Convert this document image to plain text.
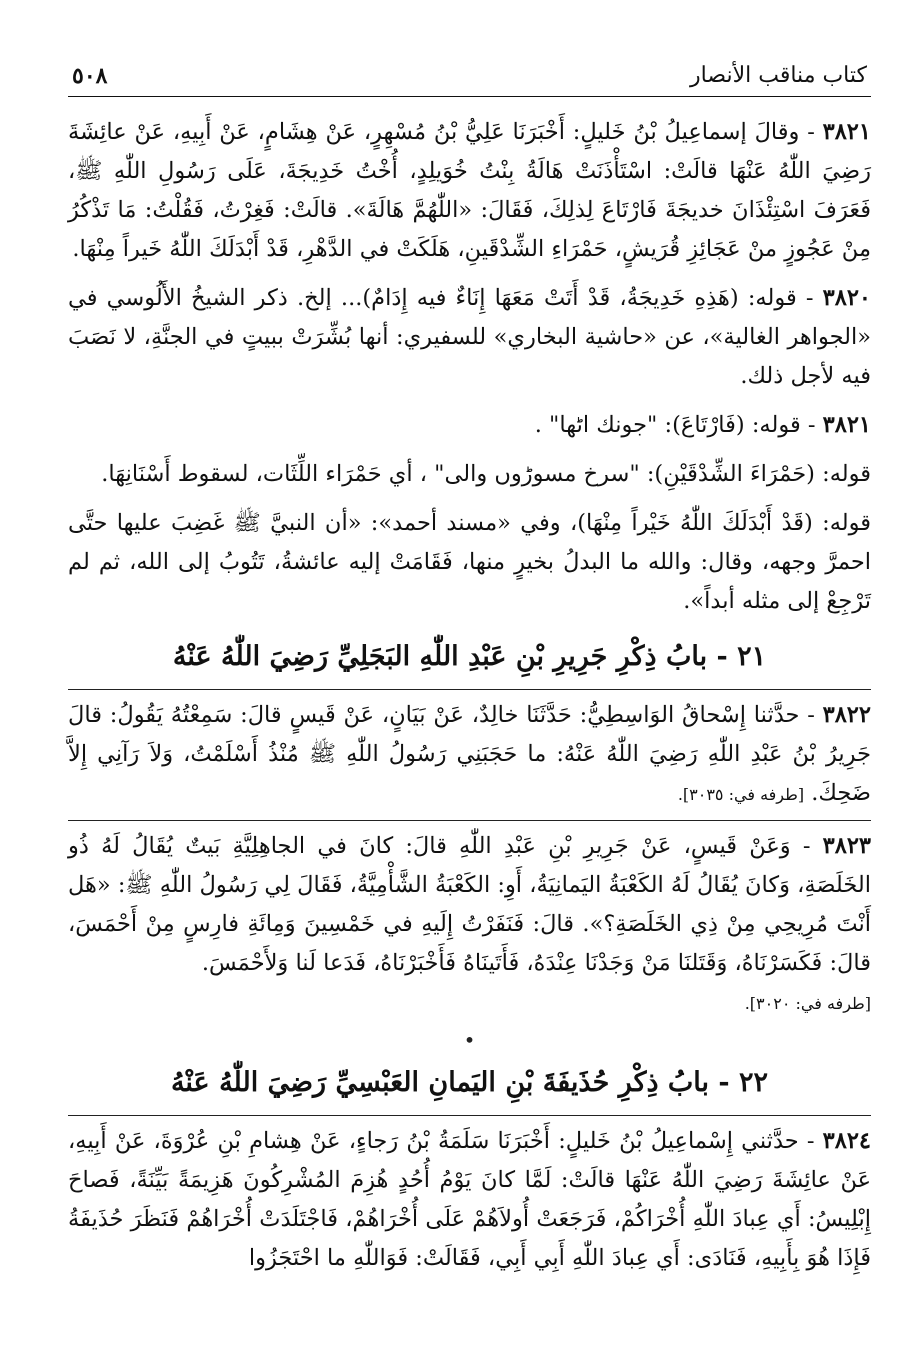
كتاب مناقب الأنصار
٥٠٨

٣٨٢١ - وقالَ إسماعِيلُ بْنُ خَليلٍ: أَخْبَرَنَا عَلِيُّ بْنُ مُسْهِرٍ، عَنْ هِشَامٍ، عَنْ أَبِيهِ، عَنْ عائِشَةَ رَضِيَ اللّٰهُ عَنْهَا قالَتْ: اسْتَأْذَنَتْ هَالَةُ بِنْتُ خُوَيلِدٍ، أُخْتُ خَدِيجَةَ، عَلَى رَسُولِ اللّٰهِ ﷺ، فَعَرَفَ اسْتِئْذَانَ خديجَةَ فَارْتَاعَ لِذلِكَ، فَقَالَ: «اللّٰهُمَّ هَالَةَ». قالَتْ: فَغِرْتُ، فَقُلْتُ: مَا تَذْكُرُ مِنْ عَجُوزٍ منْ عَجَائِزِ قُرَيشٍ، حَمْرَاءِ الشِّدْقَينِ، هَلَكَتْ في الدَّهْرِ، قَدْ أَبْدَلَكَ اللّٰهُ خَيراً مِنْهَا.

٣٨٢٠ - قوله: (هَذِهِ خَدِيجَةُ، قَدْ أَتَتْ مَعَهَا إِنَاءٌ فيه إِدَامٌ)... إلخ. ذكر الشيخُ الأَلُوسي في «الجواهر الغالية»، عن «حاشية البخاري» للسفيري: أنها بُشِّرَتْ ببيتٍ في الجنَّةِ، لا نَصَبَ فيه لأجل ذلك.

٣٨٢١ - قوله: (فَارْتَاعَ): "جونك اٹھا" .

قوله: (حَمْرَاءَ الشِّدْقَيْنِ): "سرخ مسوڑوں والی" ، أي حَمْرَاء اللِّثَات، لسقوط أَسْنَانِهَا.

قوله: (قَدْ أَبْدَلَكَ اللّٰهُ خَيْراً مِنْهَا)، وفي «مسند أحمد»: «أن النبيَّ ﷺ غَضِبَ عليها حتَّى احمرَّ وجهه، وقال: والله ما البدلُ بخيرٍ منها، فَقَامَتْ إليه عائشةُ، تَتُوبُ إلى الله، ثم لم تَرْجِعْ إلى مثله أبداً».

٢١ - بابُ ذِكْرِ جَرِيرِ بْنِ عَبْدِ اللّٰهِ البَجَلِيِّ رَضِيَ اللّٰهُ عَنْهُ

٣٨٢٢ - حدَّثنا إِسْحاقُ الوَاسِطِيُّ: حَدَّثَنَا خالِدٌ، عَنْ بَيَانٍ، عَنْ قَيسٍ قالَ: سَمِعْتُهُ يَقُولُ: قالَ جَرِيرُ بْنُ عَبْدِ اللّٰهِ رَضِيَ اللّٰهُ عَنْهُ: ما حَجَبَنِي رَسُولُ اللّٰهِ ﷺ مُنْذُ أَسْلَمْتُ، وَلاَ رَآنِي إِلاَّ ضَحِكَ. [طرفه في: ٣٠٣٥].

٣٨٢٣ - وَعَنْ قَيسٍ، عَنْ جَرِيرِ بْنِ عَبْدِ اللّٰهِ قالَ: كانَ في الجاهِلِيَّةِ بَيتٌ يُقَالُ لَهُ ذُو الخَلَصَةِ، وَكانَ يُقَالُ لَهُ الكَعْبَةُ اليَمانِيَةُ، أَوِ: الكَعْبَةُ الشَّأْمِيَّةُ، فَقَالَ لِي رَسُولُ اللّٰهِ ﷺ: «هَل أَنْتَ مُرِيحِي مِنْ ذِي الخَلَصَةِ؟». قالَ: فَنَفَرْتُ إِلَيهِ في خَمْسِينَ وَمِائَةِ فارِسٍ مِنْ أَحْمَسَ، قالَ: فَكَسَرْنَاهُ، وَقَتَلنَا مَنْ وَجَدْنَا عِنْدَهُ، فَأَتَينَاهُ فَأَخْبَرْنَاهُ، فَدَعا لَنا وَلأَحْمَسَ.
[طرفه في: ٣٠٢٠].

•
٢٢ - بابُ ذِكْرِ حُذَيفَةَ بْنِ اليَمانِ العَبْسِيِّ رَضِيَ اللّٰهُ عَنْهُ

٣٨٢٤ - حدَّثني إِسْماعِيلُ بْنُ خَليلٍ: أَخْبَرَنَا سَلَمَةُ بْنُ رَجاءٍ، عَنْ هِشامِ بْنِ عُرْوَةَ، عَنْ أَبِيهِ، عَنْ عائِشَةَ رَضِيَ اللّٰهُ عَنْهَا قالَتْ: لَمَّا كانَ يَوْمُ أُحُدٍ هُزِمَ المُشْرِكُونَ هَزِيمَةً بَيِّنَةً، فَصاحَ إِبْلِيسُ: أَي عِبادَ اللّٰهِ أُخْرَاكُمْ، فَرَجَعَتْ أُولاَهُمْ عَلَى أُخْرَاهُمْ، فَاجْتَلَدَتْ أُخْرَاهُمْ فَنَظَرَ حُذَيفَةُ فَإِذَا هُوَ بِأَبِيهِ، فَنَادَى: أَي عِبادَ اللّٰهِ أَبِي أَبِي، فَقَالَتْ: فَوَاللّٰهِ ما احْتَجَزُوا
